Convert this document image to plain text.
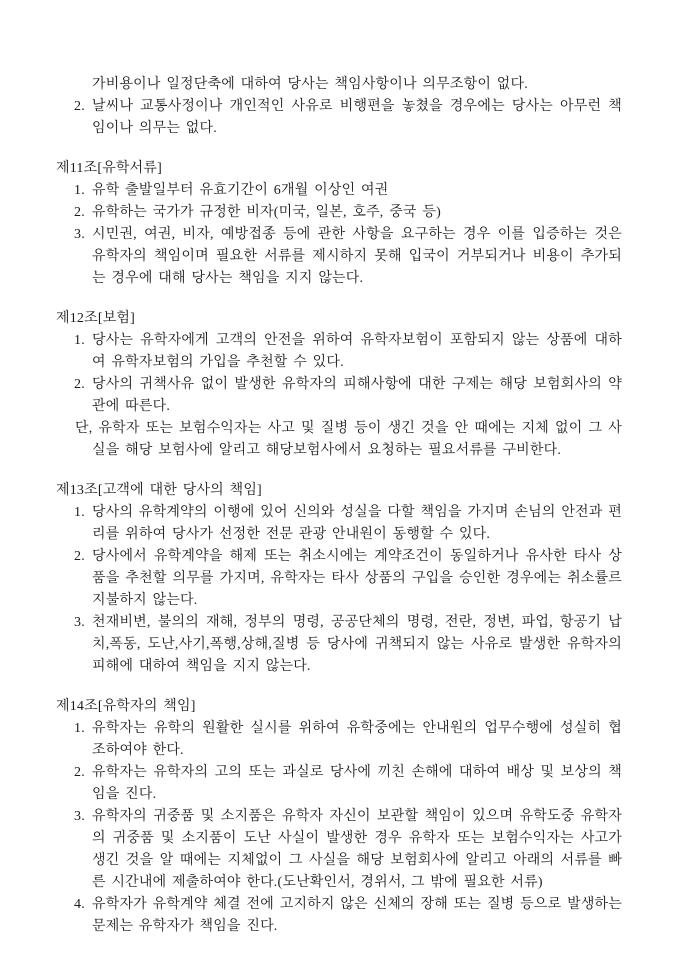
가비용이나 일정단축에 대하여 당사는 책임사항이나 의무조항이 없다.

2. 날씨나 교통사정이나 개인적인 사유로 비행편을 놓쳤을 경우에는 당사는 아무런 책임이나 의무는 없다.

제11조[유학서류]

1. 유학 출발일부터 유효기간이 6개월 이상인 여권

2. 유학하는 국가가 규정한 비자(미국, 일본, 호주, 중국 등)

3. 시민권, 여권, 비자, 예방접종 등에 관한 사항을 요구하는 경우 이를 입증하는 것은 유학자의 책임이며 필요한 서류를 제시하지 못해 입국이 거부되거나 비용이 추가되는 경우에 대해 당사는 책임을 지지 않는다.

제12조[보험]

1. 당사는 유학자에게 고객의 안전을 위하여 유학자보험이 포함되지 않는 상품에 대하여 유학자보험의 가입을 추천할 수 있다.

2. 당사의 귀책사유 없이 발생한 유학자의 피해사항에 대한 구제는 해당 보험회사의 약관에 따른다.

단, 유학자 또는 보험수익자는 사고 및 질병 등이 생긴 것을 안 때에는 지체 없이 그 사실을 해당 보험사에 알리고 해당보험사에서 요청하는 필요서류를 구비한다.

제13조[고객에 대한 당사의 책임]

1. 당사의 유학계약의 이행에 있어 신의와 성실을 다할 책임을 가지며 손님의 안전과 편리를 위하여 당사가 선정한 전문 관광 안내원이 동행할 수 있다.

2. 당사에서 유학계약을 해제 또는 취소시에는 계약조건이 동일하거나 유사한 타사 상품을 추천할 의무를 가지며, 유학자는 타사 상품의 구입을 승인한 경우에는 취소률르 지불하지 않는다.

3. 천재비변, 불의의 재해, 정부의 명령, 공공단체의 명령, 전란, 정변, 파업, 항공기 납치,폭동, 도난,사기,폭행,상해,질병 등 당사에 귀책되지 않는 사유로 발생한 유학자의 피해에 대하여 책임을 지지 않는다.

제14조[유학자의 책임]

1. 유학자는 유학의 원활한 실시를 위하여 유학중에는 안내원의 업무수행에 성실히 협조하여야 한다.

2. 유학자는 유학자의 고의 또는 과실로 당사에 끼친 손해에 대하여 배상 및 보상의 책임을 진다.

3. 유학자의 귀중품 및 소지품은 유학자 자신이 보관할 책임이 있으며 유학도중 유학자의 귀중품 및 소지품이 도난 사실이 발생한 경우 유학자 또는 보험수익자는 사고가 생긴 것을 알 때에는 지체없이 그 사실을 해당 보험회사에 알리고 아래의 서류를 빠른 시간내에 제출하여야 한다.(도난확인서, 경위서, 그 밖에 필요한 서류)

4. 유학자가 유학계약 체결 전에 고지하지 않은 신체의 장해 또는 질병 등으로 발생하는 문제는 유학자가 책임을 진다.
